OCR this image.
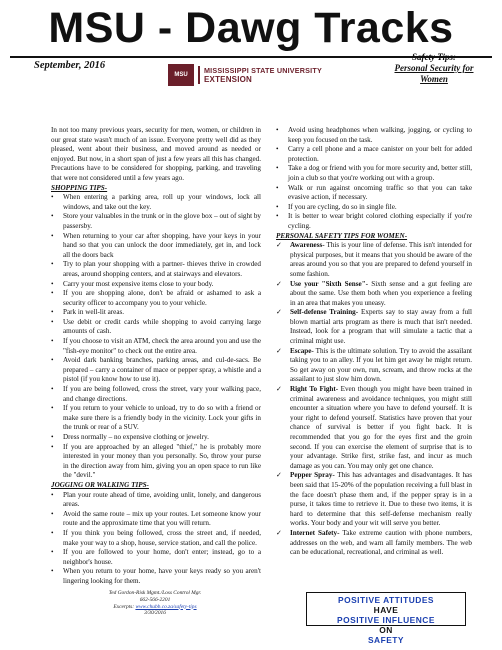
MSU - Dawg Tracks
September, 2016
MSU	MISSISSIPPI STATE UNIVERSITY
EXTENSION
Safety Tips:
Personal Security for
Women

In not too many previous years, security for men, women, or children in our great state wasn't much of an issue. Everyone pretty well did as they pleased, went about their business, and moved around as needed or enjoyed. But now, in a short span of just a few years all this has changed. Precautions have to be considered for shopping, parking, and traveling that were not considered until a few years ago.

SHOPPING TIPS-
• When entering a parking area, roll up your windows, lock all windows, and take out the key.
• Store your valuables in the trunk or in the glove box – out of sight by passersby.
• When returning to your car after shopping, have your keys in your hand so that you can unlock the door immediately, get in, and lock all the doors back
• Try to plan your shopping with a partner- thieves thrive in crowded areas, around shopping centers, and at stairways and elevators.
• Carry your most expensive items close to your body.
• If you are shopping alone, don't be afraid or ashamed to ask a security officer to accompany you to your vehicle.
• Park in well-lit areas.
• Use debit or credit cards while shopping to avoid carrying large amounts of cash.
• If you choose to visit an ATM, check the area around you and use the "fish-eye monitor" to check out the entire area.
• Avoid dark banking branches, parking areas, and cul-de-sacs. Be prepared – carry a container of mace or pepper spray, a whistle and a pistol (if you know how to use it).
• If you are being followed, cross the street, vary your walking pace, and change directions.
• If you return to your vehicle to unload, try to do so with a friend or make sure there is a friendly body in the vicinity. Lock your gifts in the trunk or rear of a SUV.
• Dress normally – no expensive clothing or jewelry.
• If you are approached by an alleged "thief," he is probably more interested in your money than you personally. So, throw your purse in the direction away from him, giving you an open space to run like the "devil."
JOGGING OR WALKING TIPS-
• Plan your route ahead of time, avoiding unlit, lonely, and dangerous areas.
• Avoid the same route – mix up your routes. Let someone know your route and the approximate time that you will return.
• If you think you being followed, cross the street and, if needed, make your way to a shop, house, service station, and call the police.
• If you are followed to your home, don't enter; instead, go to a neighbor's house.
• When you return to your home, have your keys ready so you aren't lingering looking for them.
• Avoid using headphones when walking, jogging, or cycling to keep you focused on the task.
• Carry a cell phone and a mace canister on your belt for added protection.
• Take a dog or friend with you for more security and, better still, join a club so that you're working out with a group.
• Walk or run against oncoming traffic so that you can take evasive action, if necessary.
• If you are cycling, do so in single file.
• It is better to wear bright colored clothing especially if you're cycling.
PERSONAL SAFETY TIPS FOR WOMEN-
✓ Awareness- This is your line of defense. This isn't intended for physical purposes, but it means that you should be aware of the areas around you so that you are prepared to defend yourself in some fashion.
✓ Use your "Sixth Sense"- Sixth sense and a gut feeling are about the same. Use them both when you experience a feeling in an area that makes you uneasy.
✓ Self-defense Training- Experts say to stay away from a full blown martial arts program as there is much that isn't needed. Instead, look for a program that will simulate a tactic that a criminal might use.
✓ Escape- This is the ultimate solution. Try to avoid the assailant taking you to an alley. If you let him get away he might return. So get away on your own, run, scream, and throw rocks at the assailant to just slow him down.
✓ Right To Fight- Even though you might have been trained in criminal awareness and avoidance techniques, you might still encounter a situation where you have to defend yourself. It is your right to defend yourself. Statistics have proven that your chance of survival is better if you fight back. It is recommended that you go for the eyes first and the groin second. If you can exercise the element of surprise that is to your advantage. Strike first, strike fast, and incur as much damage as you can. You may only get one chance.
✓ Pepper Spray- This has advantages and disadvantages. It has been said that 15-20% of the population receiving a full blast in the face doesn't phase them and, if the pepper spray is in a purse, it takes time to retrieve it. Due to these two items, it is hard to determine that this self-defense mechanism really works. Your body and your wit will serve you better.
✓ Internet Safety- Take extreme caution with phone numbers, addresses on the web, and warn all family members. The web can be educational, recreational, and criminal as well.
Ted Gordon-Risk Mgmt./Loss Control Mgr.
662-566-2201
Excerpts: www.chubb.co.za/safety-tips
3/30/2016
POSITIVE ATTITUDES
HAVE
POSITIVE INFLUENCE
ON
SAFETY
